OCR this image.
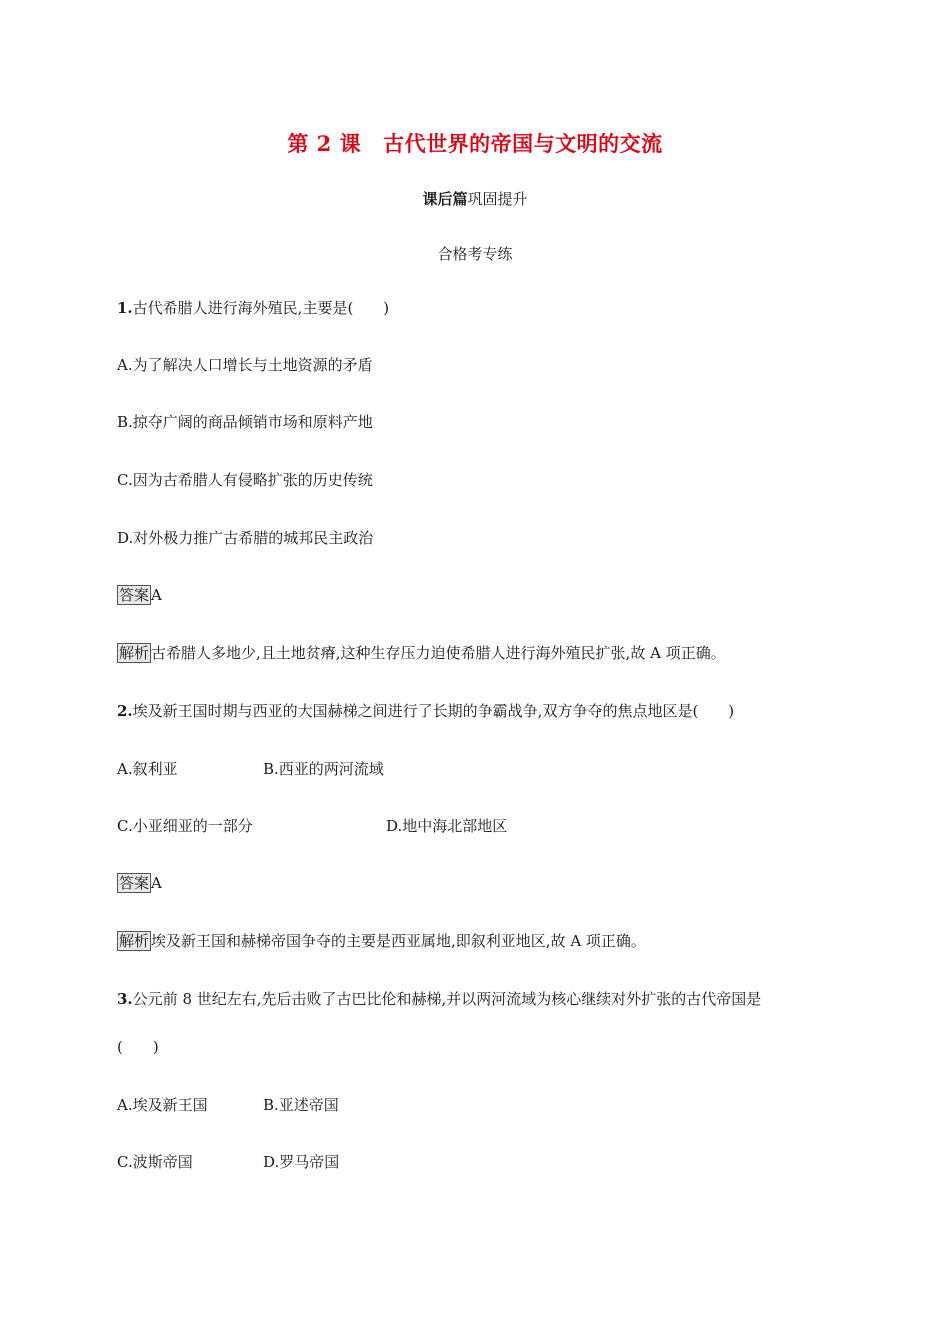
第 2 课 古代世界的帝国与文明的交流
课后篇巩固提升
合格考专练
1.古代希腊人进行海外殖民,主要是(　　)
A.为了解决人口增长与土地资源的矛盾
B.掠夺广阔的商品倾销市场和原料产地
C.因为古希腊人有侵略扩张的历史传统
D.对外极力推广古希腊的城邦民主政治
答案 A
解析 古希腊人多地少,且土地贫瘠,这种生存压力迫使希腊人进行海外殖民扩张,故 A 项正确。
2.埃及新王国时期与西亚的大国赫梯之间进行了长期的争霸战争,双方争夺的焦点地区是(　　)
A.叙利亚	B.西亚的两河流域
C.小亚细亚的一部分	D.地中海北部地区
答案 A
解析 埃及新王国和赫梯帝国争夺的主要是西亚属地,即叙利亚地区,故 A 项正确。
3.公元前 8 世纪左右,先后击败了古巴比伦和赫梯,并以两河流域为核心继续对外扩张的古代帝国是
(　　)
A.埃及新王国	B.亚述帝国
C.波斯帝国	D.罗马帝国
